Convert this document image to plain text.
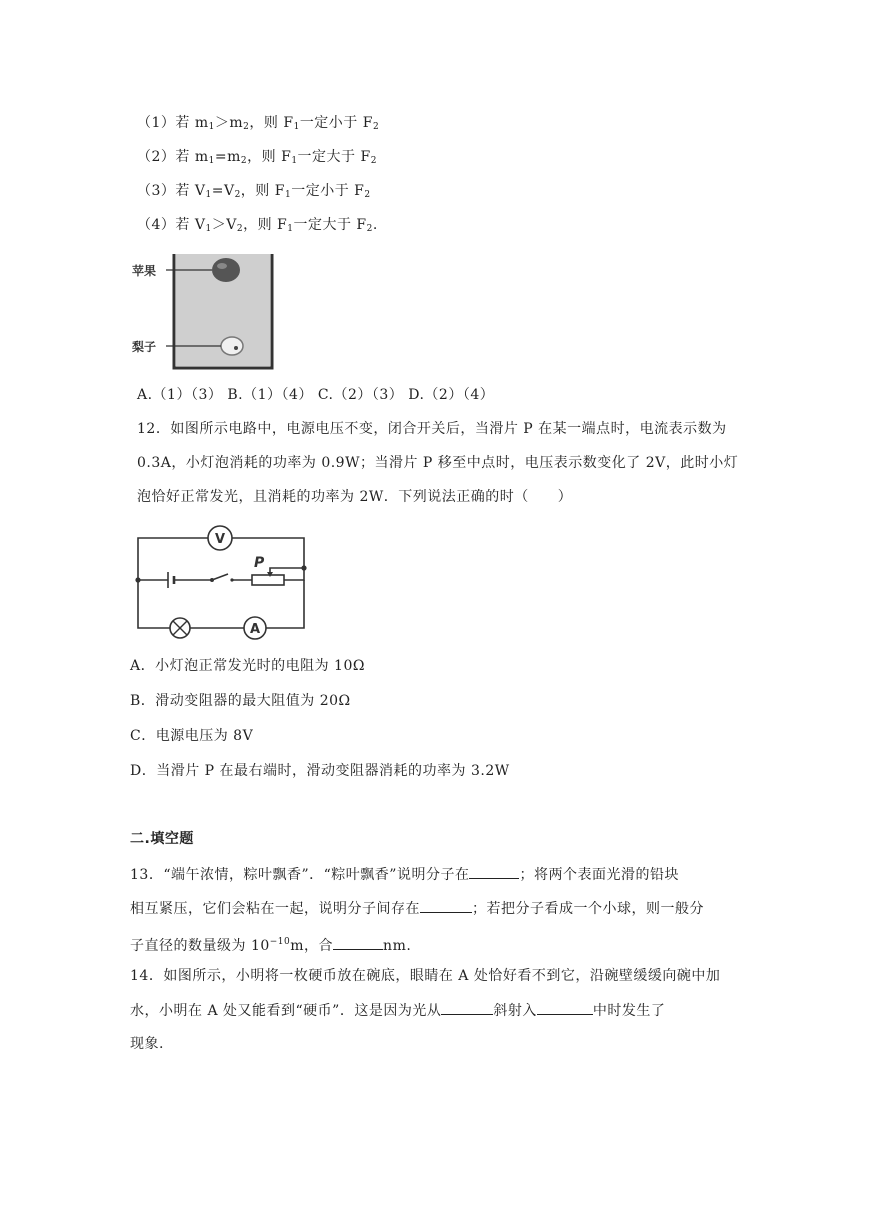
（1）若 $m_1>m_2$，则 $F_1$一定小于 $F_2$
（2）若 $m_1=m_2$，则 $F_1$一定大于 $F_2$
（3）若 $V_1=V_2$，则 $F_1$一定小于 $F_2$
（4）若 $V_1>V_2$，则 $F_1$一定大于 $F_2$.
苹果
梨子
A.（1）（3） B.（1）（4） C.（2）（3） D.（2）（4）
12．如图所示电路中，电源电压不变，闭合开关后，当滑片 P 在某一端点时，电流表示数为
0.3A，小灯泡消耗的功率为 0.9W；当滑片 P 移至中点时，电压表示数变化了 2V，此时小灯
泡恰好正常发光，且消耗的功率为 2W．下列说法正确的时（　　）
P
V
A
A．小灯泡正常发光时的电阻为 10Ω
B．滑动变阻器的最大阻值为 20Ω
C．电源电压为 8V
D．当滑片 P 在最右端时，滑动变阻器消耗的功率为 3.2W
二.填空题
13．“端午浓情，粽叶飘香”．“粽叶飘香”说明分子在	；将两个表面光滑的铅块
相互紧压，它们会粘在一起，说明分子间存在	；若把分子看成一个小球，则一般分
子直径的数量级为 $10^{-10}m$，合	nm.
14．如图所示，小明将一枚硬币放在碗底，眼睛在 A 处恰好看不到它，沿碗壁缓缓向碗中加
水，小明在 A 处又能看到“硬币”．这是因为光从	斜射入	中时发生了
现象.
